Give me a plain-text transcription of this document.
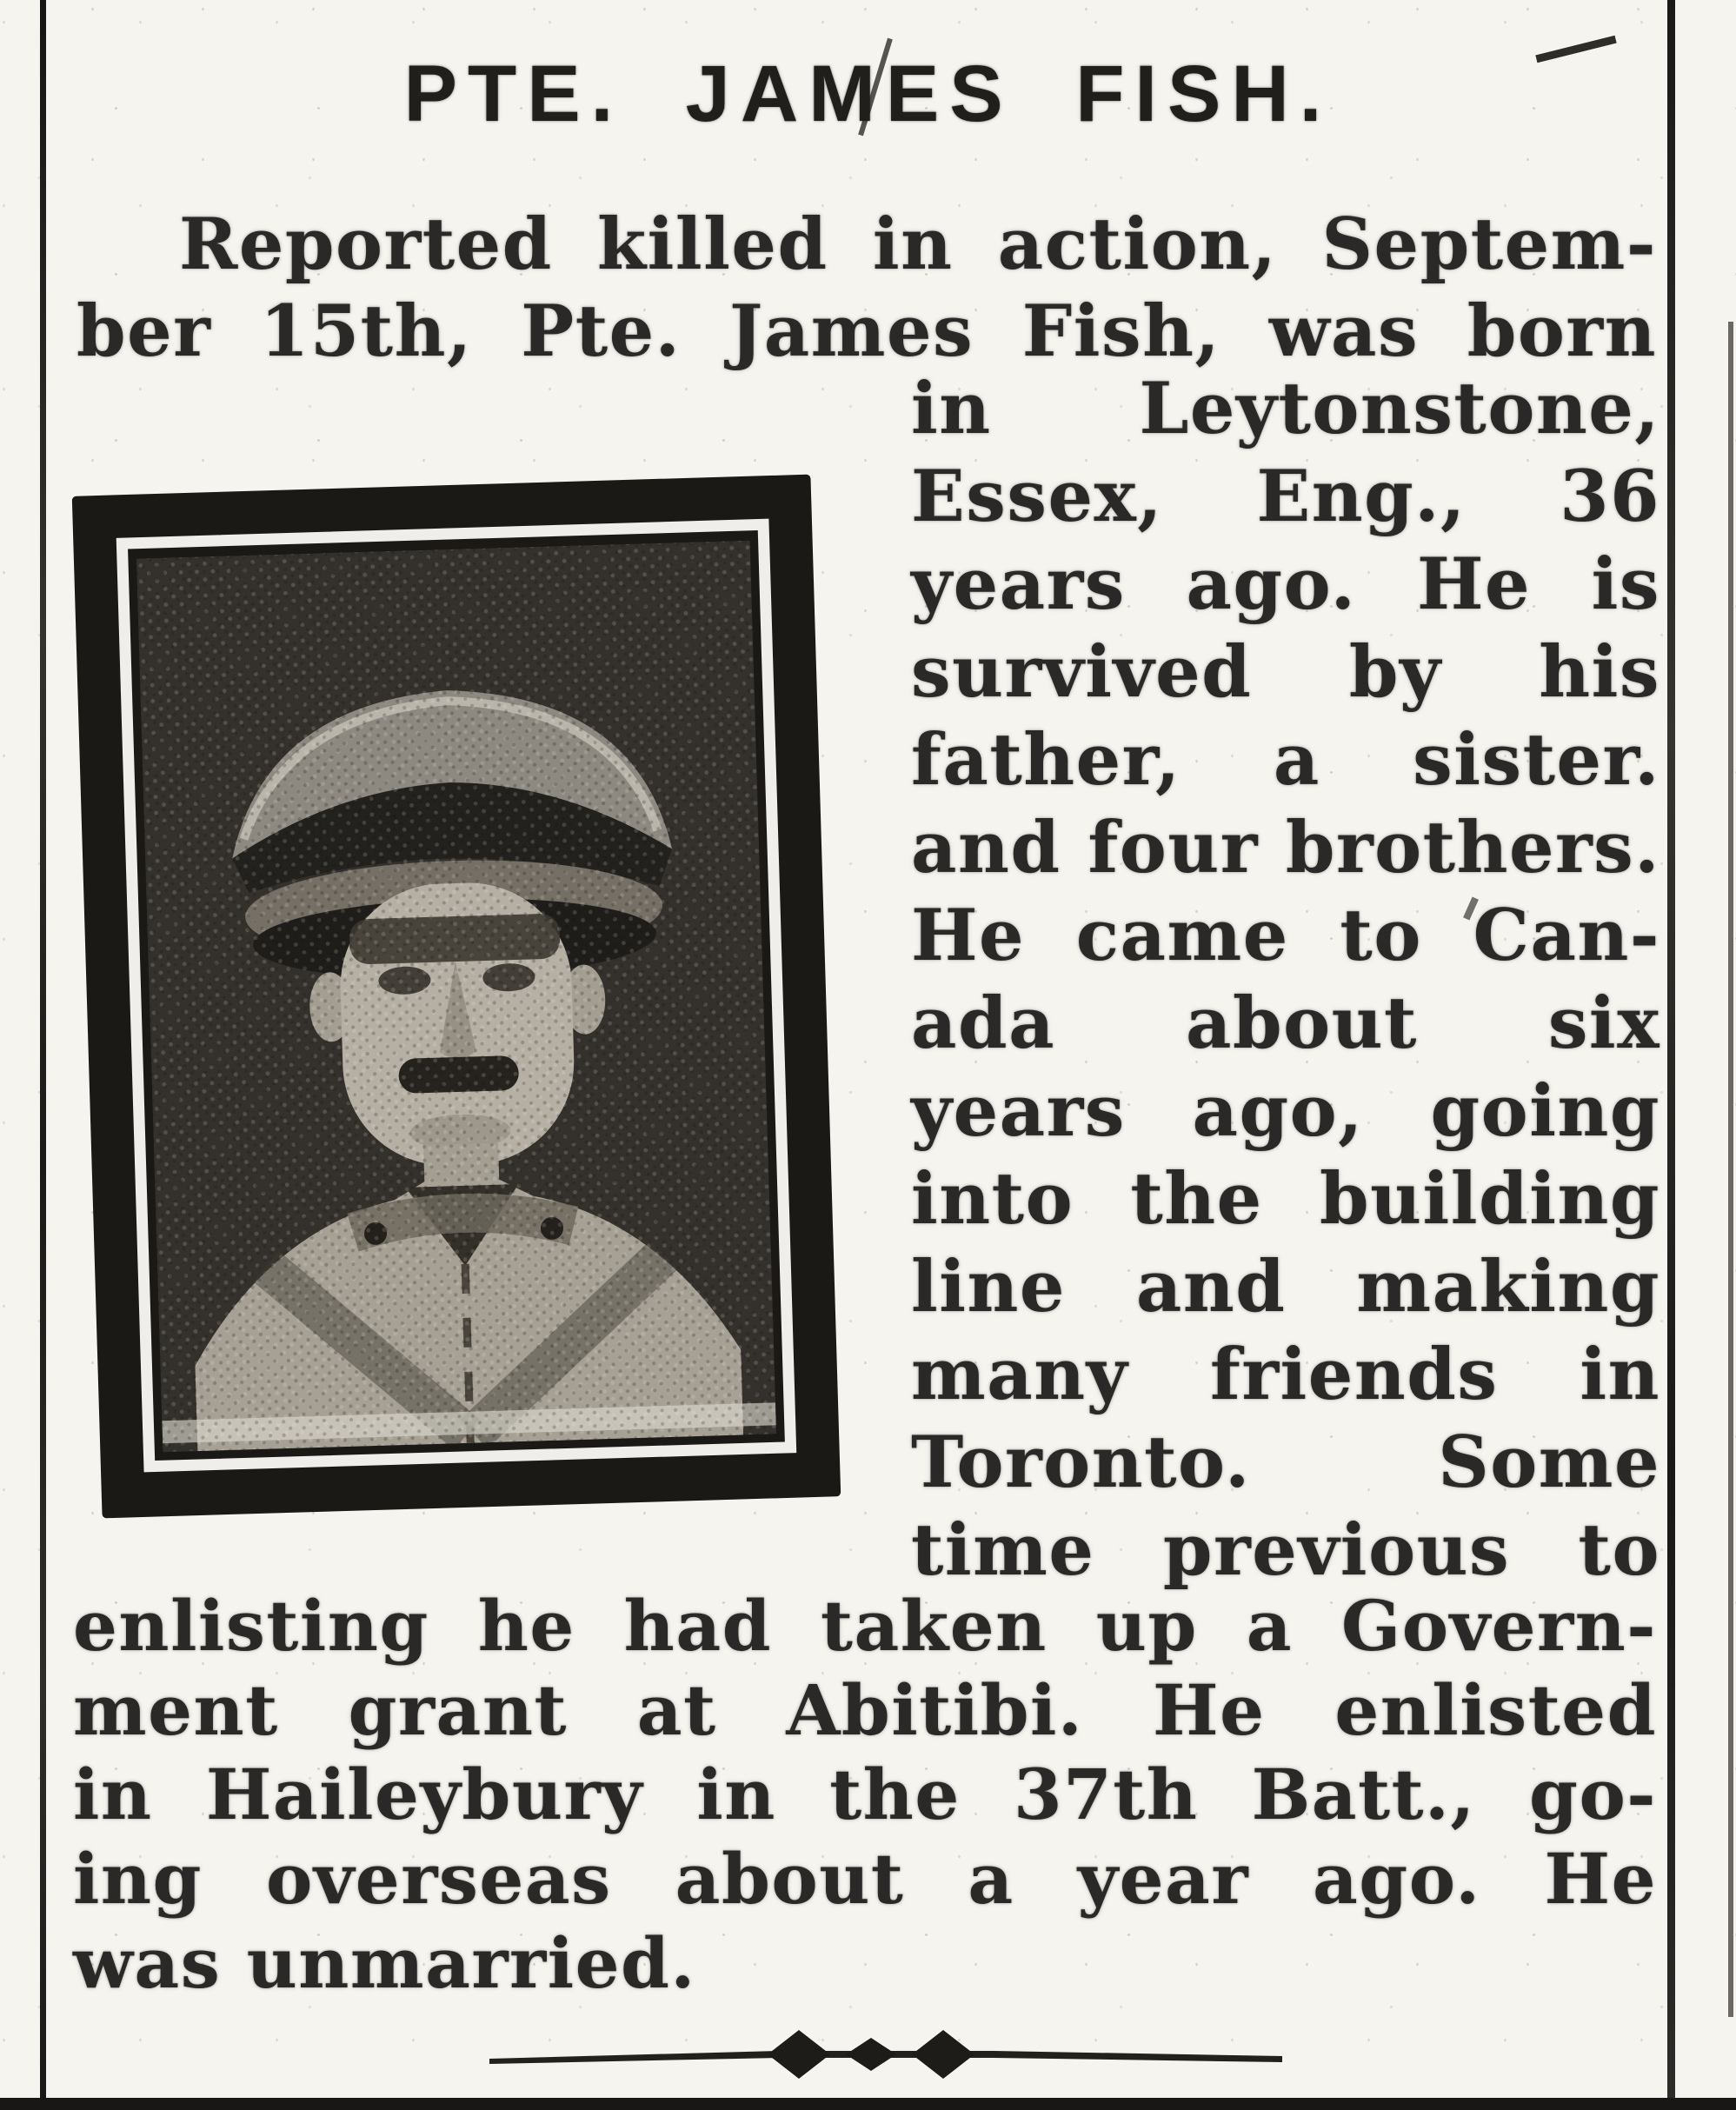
PTE. JAMES FISH.
Reported killed in action, Septem-
ber 15th, Pte. James Fish, was born
in Leytonstone,
Essex, Eng., 36
years ago. He is
survived by his
father, a sister.
and four brothers.
He came to Can-
ada about six
years ago, going
into the building
line and making
many friends in
Toronto. Some
time previous to
enlisting he had taken up a Govern-
ment grant at Abitibi. He enlisted
in Haileybury in the 37th Batt., go-
ing overseas about a year ago. He
was unmarried.
